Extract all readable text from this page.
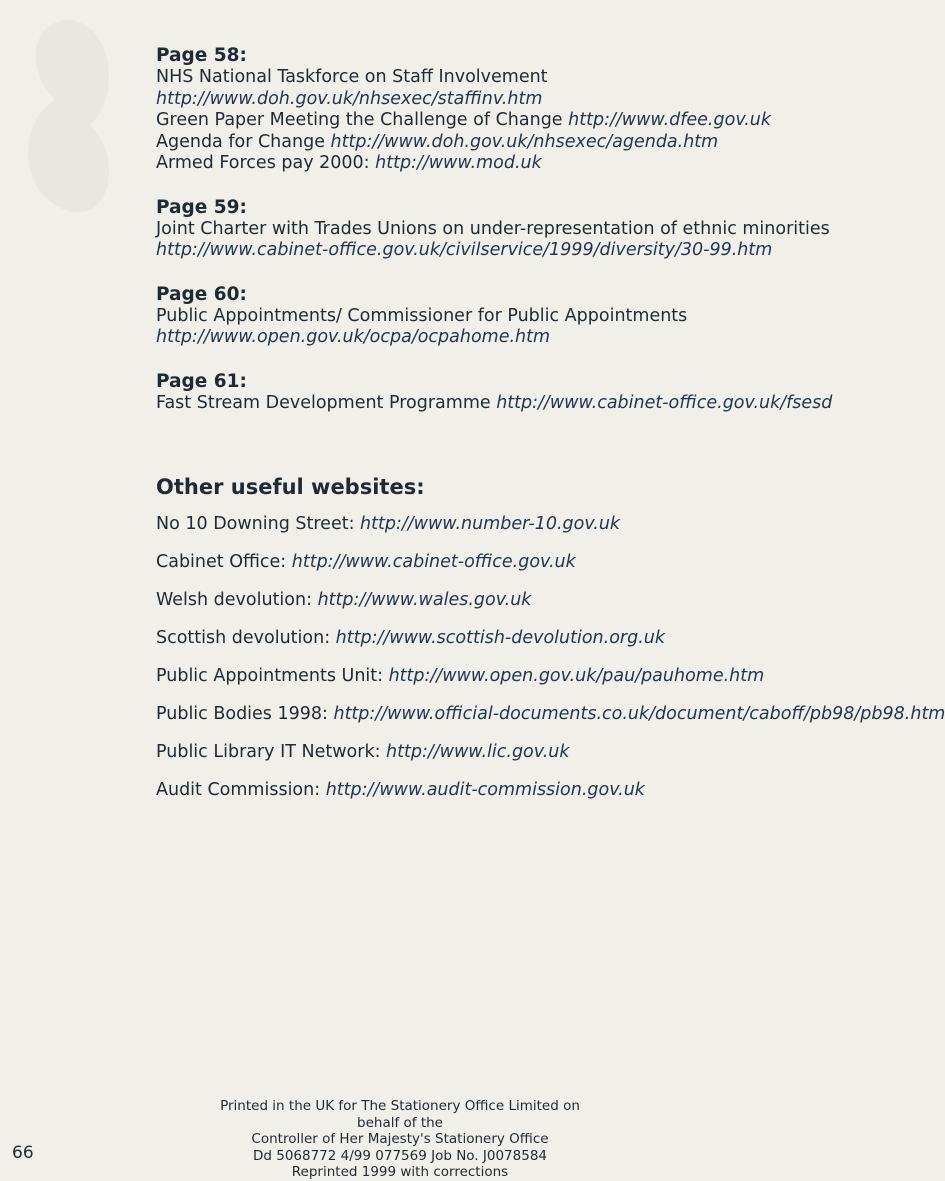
Page 58:

NHS National Taskforce on Staff Involvement

http://www.doh.gov.uk/nhsexec/staffinv.htm

Green Paper Meeting the Challenge of Change http://www.dfee.gov.uk

Agenda for Change http://www.doh.gov.uk/nhsexec/agenda.htm

Armed Forces pay 2000: http://www.mod.uk

Page 59:

Joint Charter with Trades Unions on under-representation of ethnic minorities

http://www.cabinet-office.gov.uk/civilservice/1999/diversity/30-99.htm

Page 60:

Public Appointments/ Commissioner for Public Appointments

http://www.open.gov.uk/ocpa/ocpahome.htm

Page 61:

Fast Stream Development Programme http://www.cabinet-office.gov.uk/fsesd

Other useful websites:

No 10 Downing Street: http://www.number-10.gov.uk

Cabinet Office: http://www.cabinet-office.gov.uk

Welsh devolution: http://www.wales.gov.uk

Scottish devolution: http://www.scottish-devolution.org.uk

Public Appointments Unit: http://www.open.gov.uk/pau/pauhome.htm

Public Bodies 1998: http://www.official-documents.co.uk/document/caboff/pb98/pb98.htm

Public Library IT Network: http://www.lic.gov.uk

Audit Commission: http://www.audit-commission.gov.uk

Printed in the UK for The Stationery Office Limited on behalf of the
Controller of Her Majesty's Stationery Office
Dd 5068772 4/99 077569 Job No. J0078584
Reprinted 1999 with corrections
66
